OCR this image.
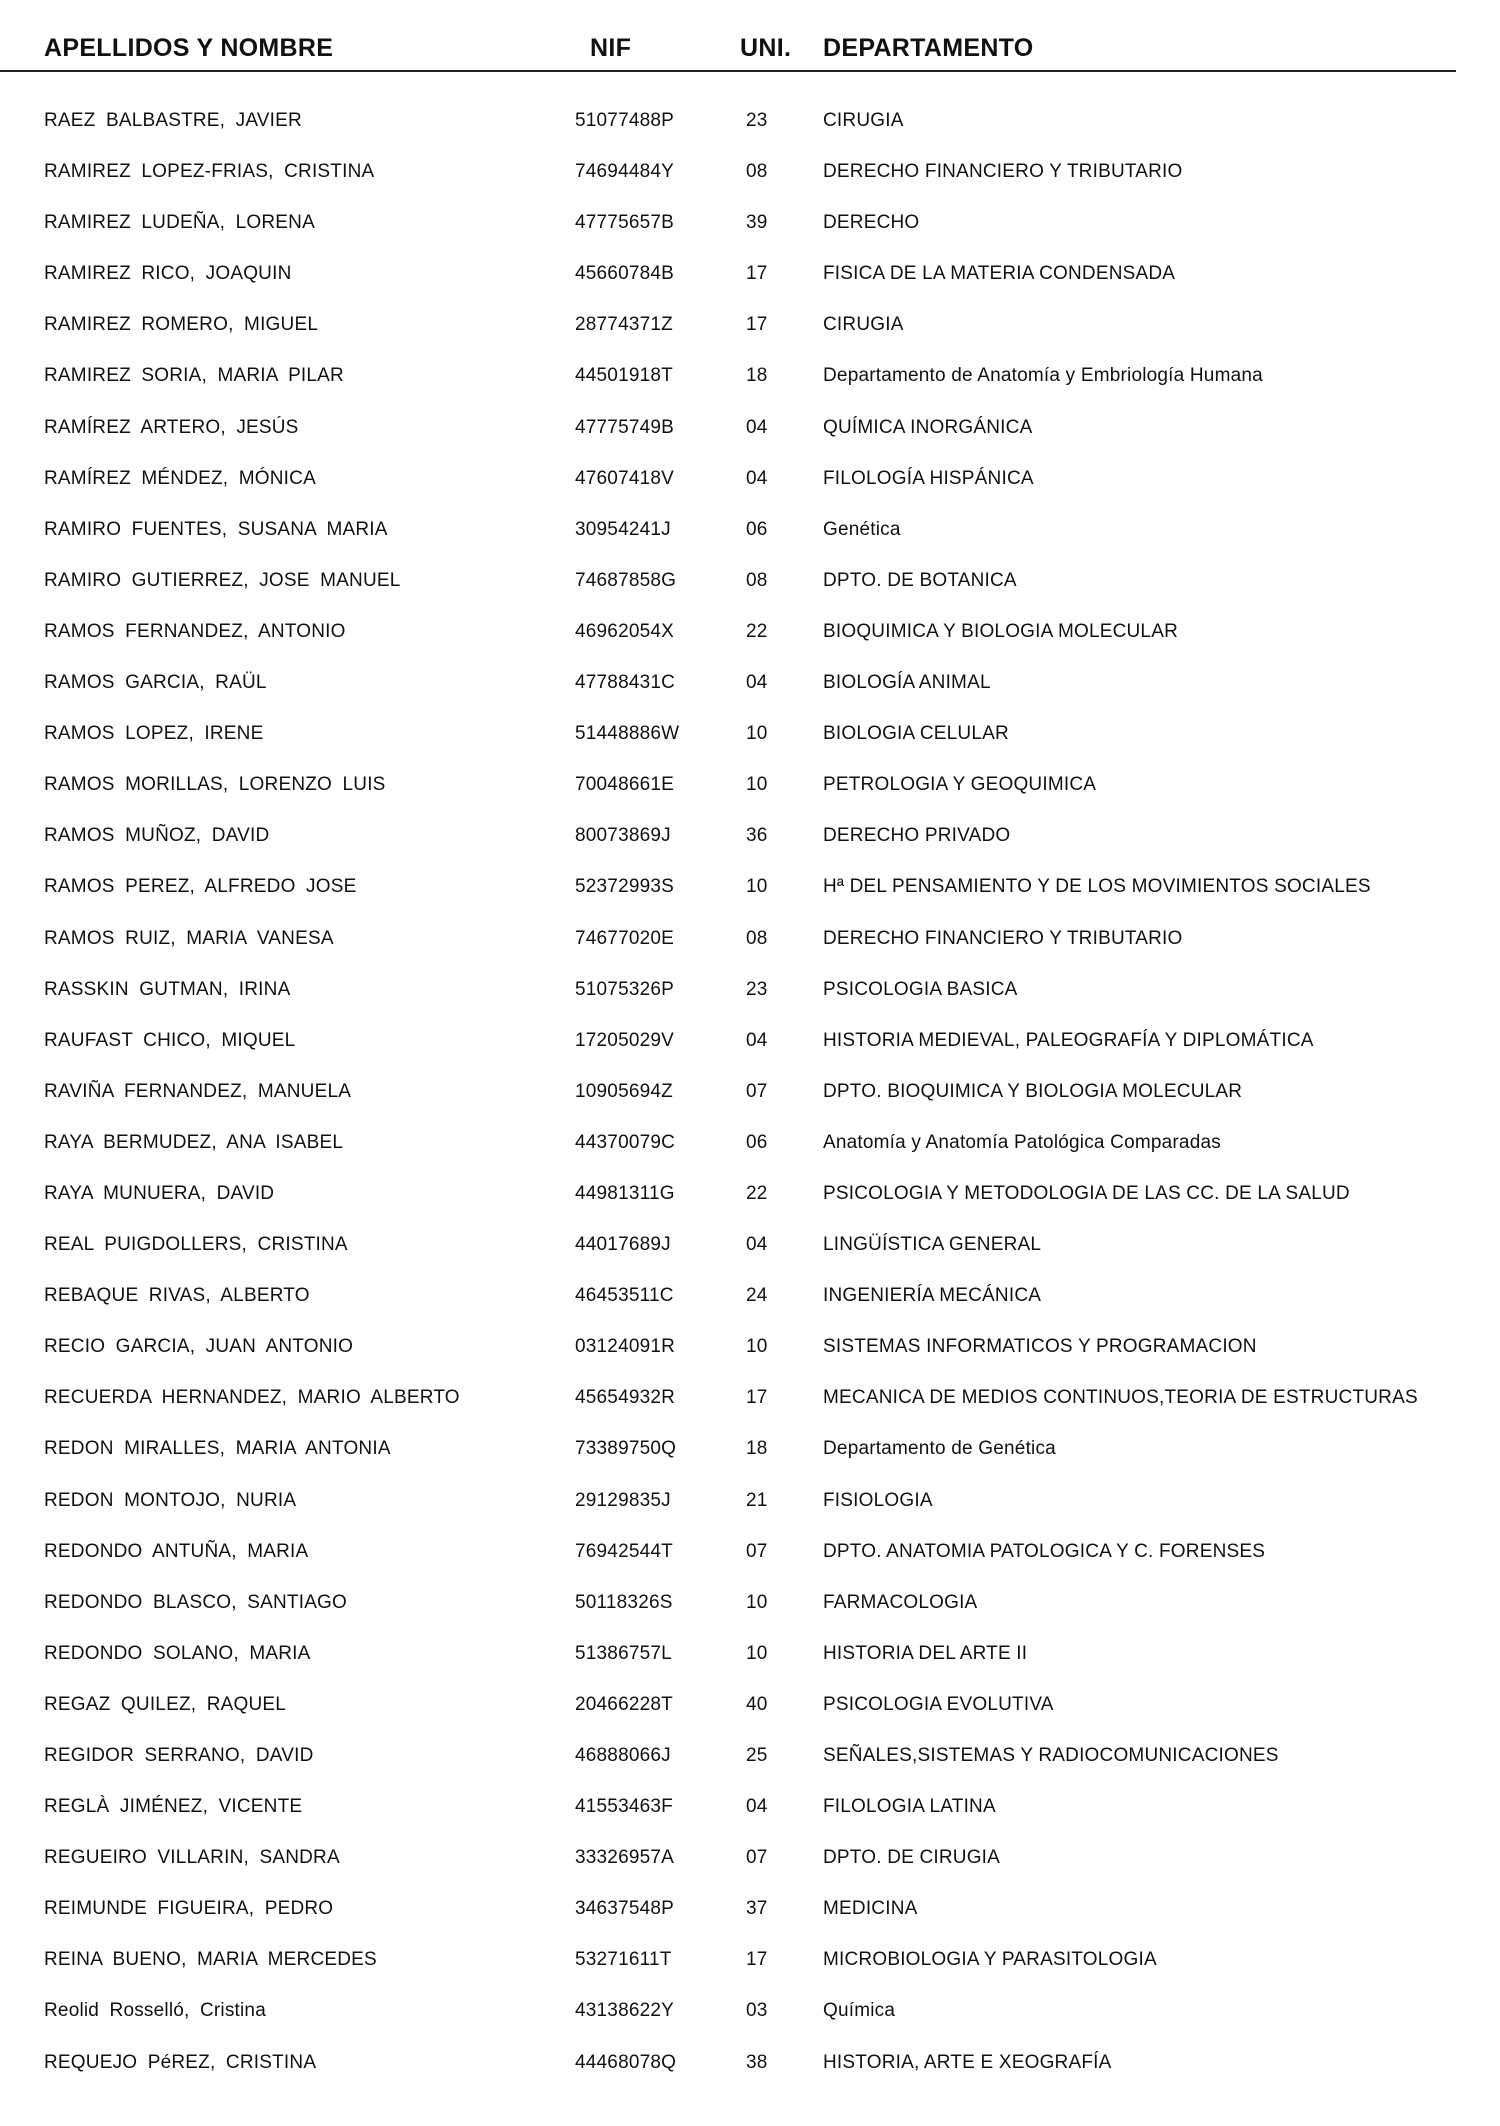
APELLIDOS Y NOMBRE	NIF	UNI. DEPARTAMENTO
RAEZ BALBASTRE, JAVIER	51077488P	23	CIRUGIA
RAMIREZ LOPEZ-FRIAS, CRISTINA	74694484Y	08	DERECHO FINANCIERO Y TRIBUTARIO
RAMIREZ LUDEÑA, LORENA	47775657B	39	DERECHO
RAMIREZ RICO, JOAQUIN	45660784B	17	FISICA DE LA MATERIA CONDENSADA
RAMIREZ ROMERO, MIGUEL	28774371Z	17	CIRUGIA
RAMIREZ SORIA, MARIA PILAR	44501918T	18	Departamento de Anatomía y Embriología Humana
RAMÍREZ ARTERO, JESÚS	47775749B	04	QUÍMICA INORGÁNICA
RAMÍREZ MÉNDEZ, MÓNICA	47607418V	04	FILOLOGÍA HISPÁNICA
RAMIRO FUENTES, SUSANA MARIA	30954241J	06	Genética
RAMIRO GUTIERREZ, JOSE MANUEL	74687858G	08	DPTO. DE BOTANICA
RAMOS FERNANDEZ, ANTONIO	46962054X	22	BIOQUIMICA Y BIOLOGIA MOLECULAR
RAMOS GARCIA, RAÜL	47788431C	04	BIOLOGÍA ANIMAL
RAMOS LOPEZ, IRENE	51448886W	10	BIOLOGIA CELULAR
RAMOS MORILLAS, LORENZO LUIS	70048661E	10	PETROLOGIA Y GEOQUIMICA
RAMOS MUÑOZ, DAVID	80073869J	36	DERECHO PRIVADO
RAMOS PEREZ, ALFREDO JOSE	52372993S	10	Hª DEL PENSAMIENTO Y DE LOS MOVIMIENTOS SOCIALES
RAMOS RUIZ, MARIA VANESA	74677020E	08	DERECHO FINANCIERO Y TRIBUTARIO
RASSKIN GUTMAN, IRINA	51075326P	23	PSICOLOGIA BASICA
RAUFAST CHICO, MIQUEL	17205029V	04	HISTORIA MEDIEVAL, PALEOGRAFÍA Y DIPLOMÁTICA
RAVIÑA FERNANDEZ, MANUELA	10905694Z	07	DPTO. BIOQUIMICA Y BIOLOGIA MOLECULAR
RAYA BERMUDEZ, ANA ISABEL	44370079C	06	Anatomía y Anatomía Patológica Comparadas
RAYA MUNUERA, DAVID	44981311G	22	PSICOLOGIA Y METODOLOGIA DE LAS CC. DE LA SALUD
REAL PUIGDOLLERS, CRISTINA	44017689J	04	LINGÜÍSTICA GENERAL
REBAQUE RIVAS, ALBERTO	46453511C	24	INGENIERÍA MECÁNICA
RECIO GARCIA, JUAN ANTONIO	03124091R	10	SISTEMAS INFORMATICOS Y PROGRAMACION
RECUERDA HERNANDEZ, MARIO ALBERTO	45654932R	17	MECANICA DE MEDIOS CONTINUOS,TEORIA DE ESTRUCTURAS
REDON MIRALLES, MARIA ANTONIA	73389750Q	18	Departamento de Genética
REDON MONTOJO, NURIA	29129835J	21	FISIOLOGIA
REDONDO ANTUÑA, MARIA	76942544T	07	DPTO. ANATOMIA PATOLOGICA Y C. FORENSES
REDONDO BLASCO, SANTIAGO	50118326S	10	FARMACOLOGIA
REDONDO SOLANO, MARIA	51386757L	10	HISTORIA DEL ARTE II
REGAZ QUILEZ, RAQUEL	20466228T	40	PSICOLOGIA EVOLUTIVA
REGIDOR SERRANO, DAVID	46888066J	25	SEÑALES,SISTEMAS Y RADIOCOMUNICACIONES
REGLÀ JIMÉNEZ, VICENTE	41553463F	04	FILOLOGIA LATINA
REGUEIRO VILLARIN, SANDRA	33326957A	07	DPTO. DE CIRUGIA
REIMUNDE FIGUEIRA, PEDRO	34637548P	37	MEDICINA
REINA BUENO, MARIA MERCEDES	53271611T	17	MICROBIOLOGIA Y PARASITOLOGIA
Reolid Rosselló, Cristina	43138622Y	03	Química
REQUEJO PéREZ, CRISTINA	44468078Q	38	HISTORIA, ARTE E XEOGRAFÍA
